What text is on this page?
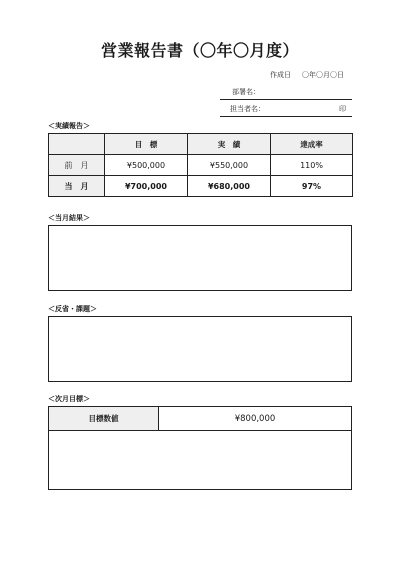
営業報告書（〇年〇月度）
作成日 〇年〇月〇日
部署名：
担当者名：	印
＜実績報告＞
	目　標	実　績	達成率
前　月	¥500,000	¥550,000	110%
当　月	¥700,000	¥680,000	97%
＜当月結果＞
＜反省・課題＞
＜次月目標＞
目標数値	¥800,000
